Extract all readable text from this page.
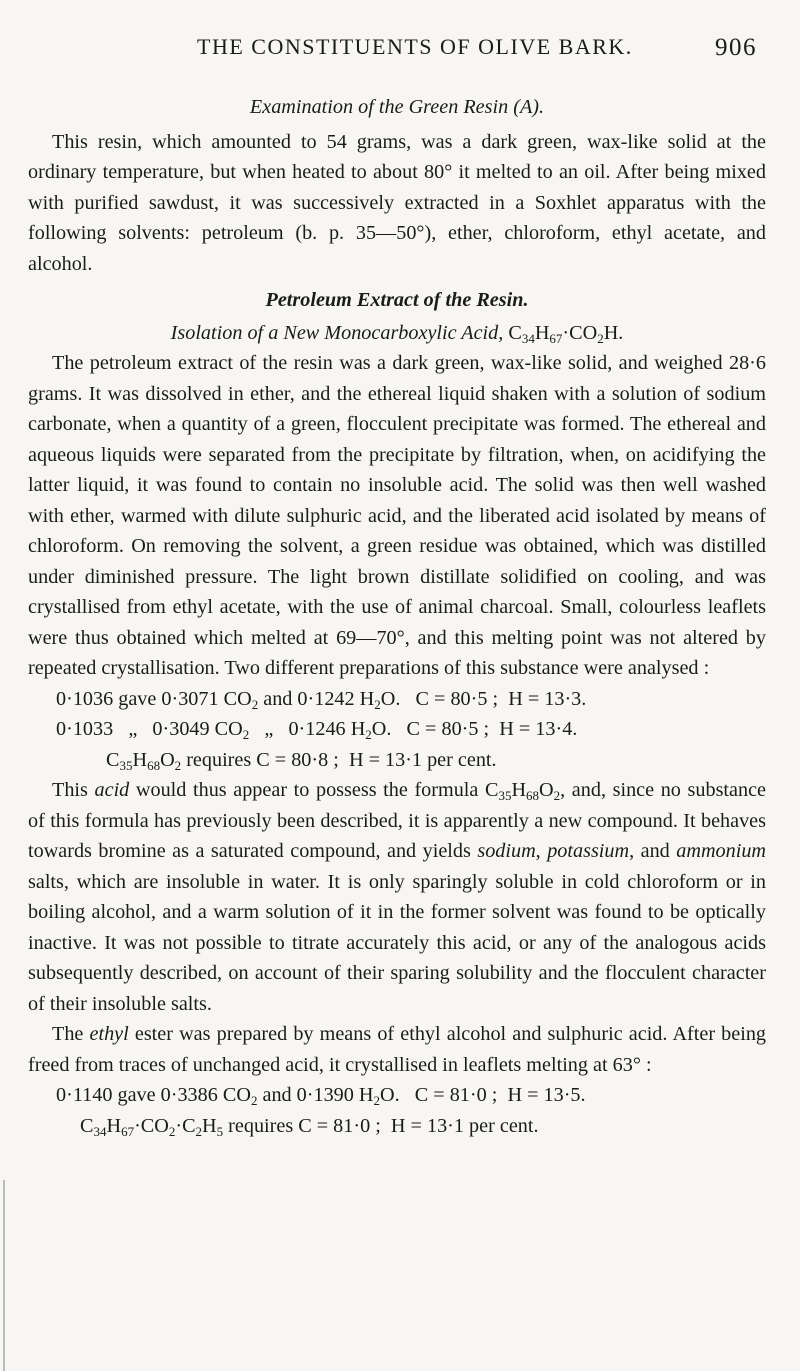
THE CONSTITUENTS OF OLIVE BARK.	906

Examination of the Green Resin (A).

This resin, which amounted to 54 grams, was a dark green, wax-like solid at the ordinary temperature, but when heated to about 80° it melted to an oil. After being mixed with purified sawdust, it was successively extracted in a Soxhlet apparatus with the following solvents: petroleum (b. p. 35—50°), ether, chloroform, ethyl acetate, and alcohol.

Petroleum Extract of the Resin.

Isolation of a New Monocarboxylic Acid, $C_{34}H_{67}\cdot CO_2H$.

The petroleum extract of the resin was a dark green, wax-like solid, and weighed 28·6 grams. It was dissolved in ether, and the ethereal liquid shaken with a solution of sodium carbonate, when a quantity of a green, flocculent precipitate was formed. The ethereal and aqueous liquids were separated from the precipitate by filtration, when, on acidifying the latter liquid, it was found to contain no insoluble acid. The solid was then well washed with ether, warmed with dilute sulphuric acid, and the liberated acid isolated by means of chloroform. On removing the solvent, a green residue was obtained, which was distilled under diminished pressure. The light brown distillate solidified on cooling, and was crystallised from ethyl acetate, with the use of animal charcoal. Small, colourless leaflets were thus obtained which melted at 69—70°, and this melting point was not altered by repeated crystallisation. Two different preparations of this substance were analysed :

0·1036 gave 0·3071 $CO_2$ and 0·1242 $H_2O$.   C = 80·5 ;  H = 13·3.

0·1033   „   0·3049 $CO_2$   „   0·1246 $H_2O$.   C = 80·5 ;  H = 13·4.

$C_{35}H_{68}O_2$ requires C = 80·8 ;  H = 13·1 per cent.

This acid would thus appear to possess the formula $C_{35}H_{68}O_2$, and, since no substance of this formula has previously been described, it is apparently a new compound. It behaves towards bromine as a saturated compound, and yields sodium, potassium, and ammonium salts, which are insoluble in water. It is only sparingly soluble in cold chloroform or in boiling alcohol, and a warm solution of it in the former solvent was found to be optically inactive. It was not possible to titrate accurately this acid, or any of the analogous acids subsequently described, on account of their sparing solubility and the flocculent character of their insoluble salts.

The ethyl ester was prepared by means of ethyl alcohol and sulphuric acid. After being freed from traces of unchanged acid, it crystallised in leaflets melting at 63° :

0·1140 gave 0·3386 $CO_2$ and 0·1390 $H_2O$.   C = 81·0 ;  H = 13·5.

$C_{34}H_{67}\cdot CO_2\cdot C_2H_5$ requires C = 81·0 ;  H = 13·1 per cent.
